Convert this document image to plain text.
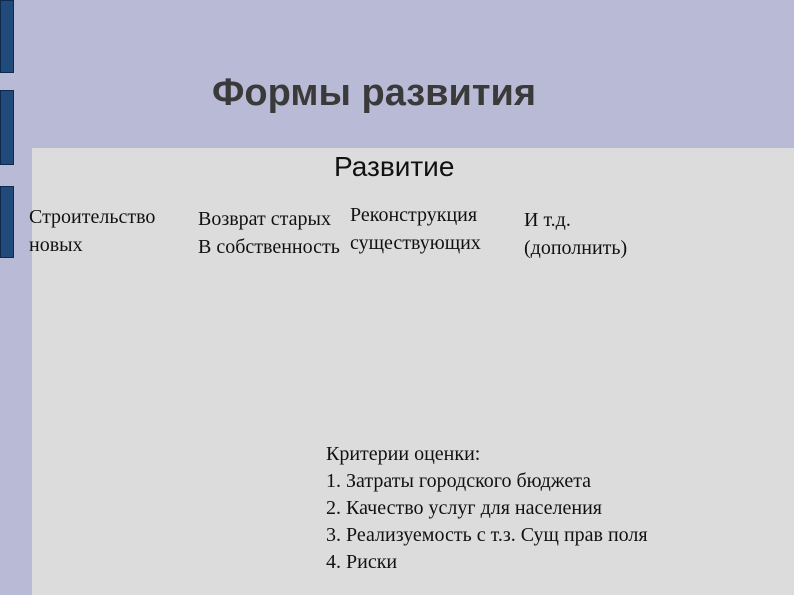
Формы развития
Развитие
Строительство
новых
Возврат старых
В собственность
Реконструкция
существующих
И т.д.
(дополнить)
Критерии оценки:
1. Затраты городского бюджета
2. Качество услуг для населения
3. Реализуемость с т.з. Сущ прав поля
4. Риски
